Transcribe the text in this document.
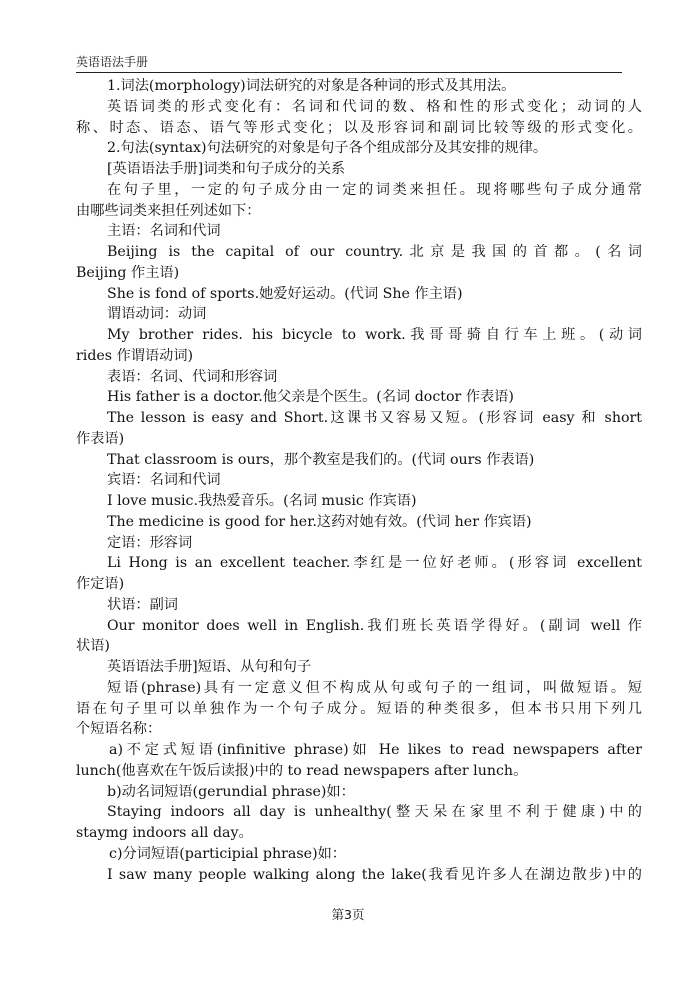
英语语法手册
1.词法(morphology)词法研究的对象是各种词的形式及其用法。
英语词类的形式变化有：名词和代词的数、格和性的形式变化；动词的人
称、时态、语态、语气等形式变化；以及形容词和副词比较等级的形式变化。
2.句法(syntax)句法研究的对象是句子各个组成部分及其安排的规律。
[英语语法手册]词类和句子成分的关系
在句子里，一定的句子成分由一定的词类来担任。现将哪些句子成分通常
由哪些词类来担任列述如下：
主语：名词和代词
Beijing is the capital of our country.北京是我国的首都。(名词
Beijing 作主语)
She is fond of sports.她爱好运动。(代词 She 作主语)
谓语动词：动词
My brother rides. his bicycle to work.我哥哥骑自行车上班。(动词
rides 作谓语动词)
表语：名词、代词和形容词
His father is a doctor.他父亲是个医生。(名词 doctor 作表语)
The lesson is easy and Short.这课书又容易又短。(形容词 easy 和 short
作表语)
That classroom is ours，那个教室是我们的。(代词 ours 作表语)
宾语：名词和代词
I love music.我热爱音乐。(名词 music 作宾语)
The medicine is good for her.这药对她有效。(代词 her 作宾语)
定语：形容词
Li Hong is an excellent teacher.李红是一位好老师。(形容词 excellent
作定语)
状语：副词
Our monitor does well in English.我们班长英语学得好。(副词 well 作
状语)
英语语法手册]短语、从句和句子
短语(phrase)具有一定意义但不构成从句或句子的一组词，叫做短语。短
语在句子里可以单独作为一个句子成分。短语的种类很多，但本书只用下列几
个短语名称：
a)不定式短语(infinitive phrase)如 He likes to read newspapers after
lunch(他喜欢在午饭后读报)中的 to read newspapers after lunch。
b)动名词短语(gerundial phrase)如：
Staying indoors all day is unhealthy(整天呆在家里不利于健康)中的
staymg indoors all day。
c)分词短语(participial phrase)如：
I saw many people walking along the lake(我看见许多人在湖边散步)中的
第3页
